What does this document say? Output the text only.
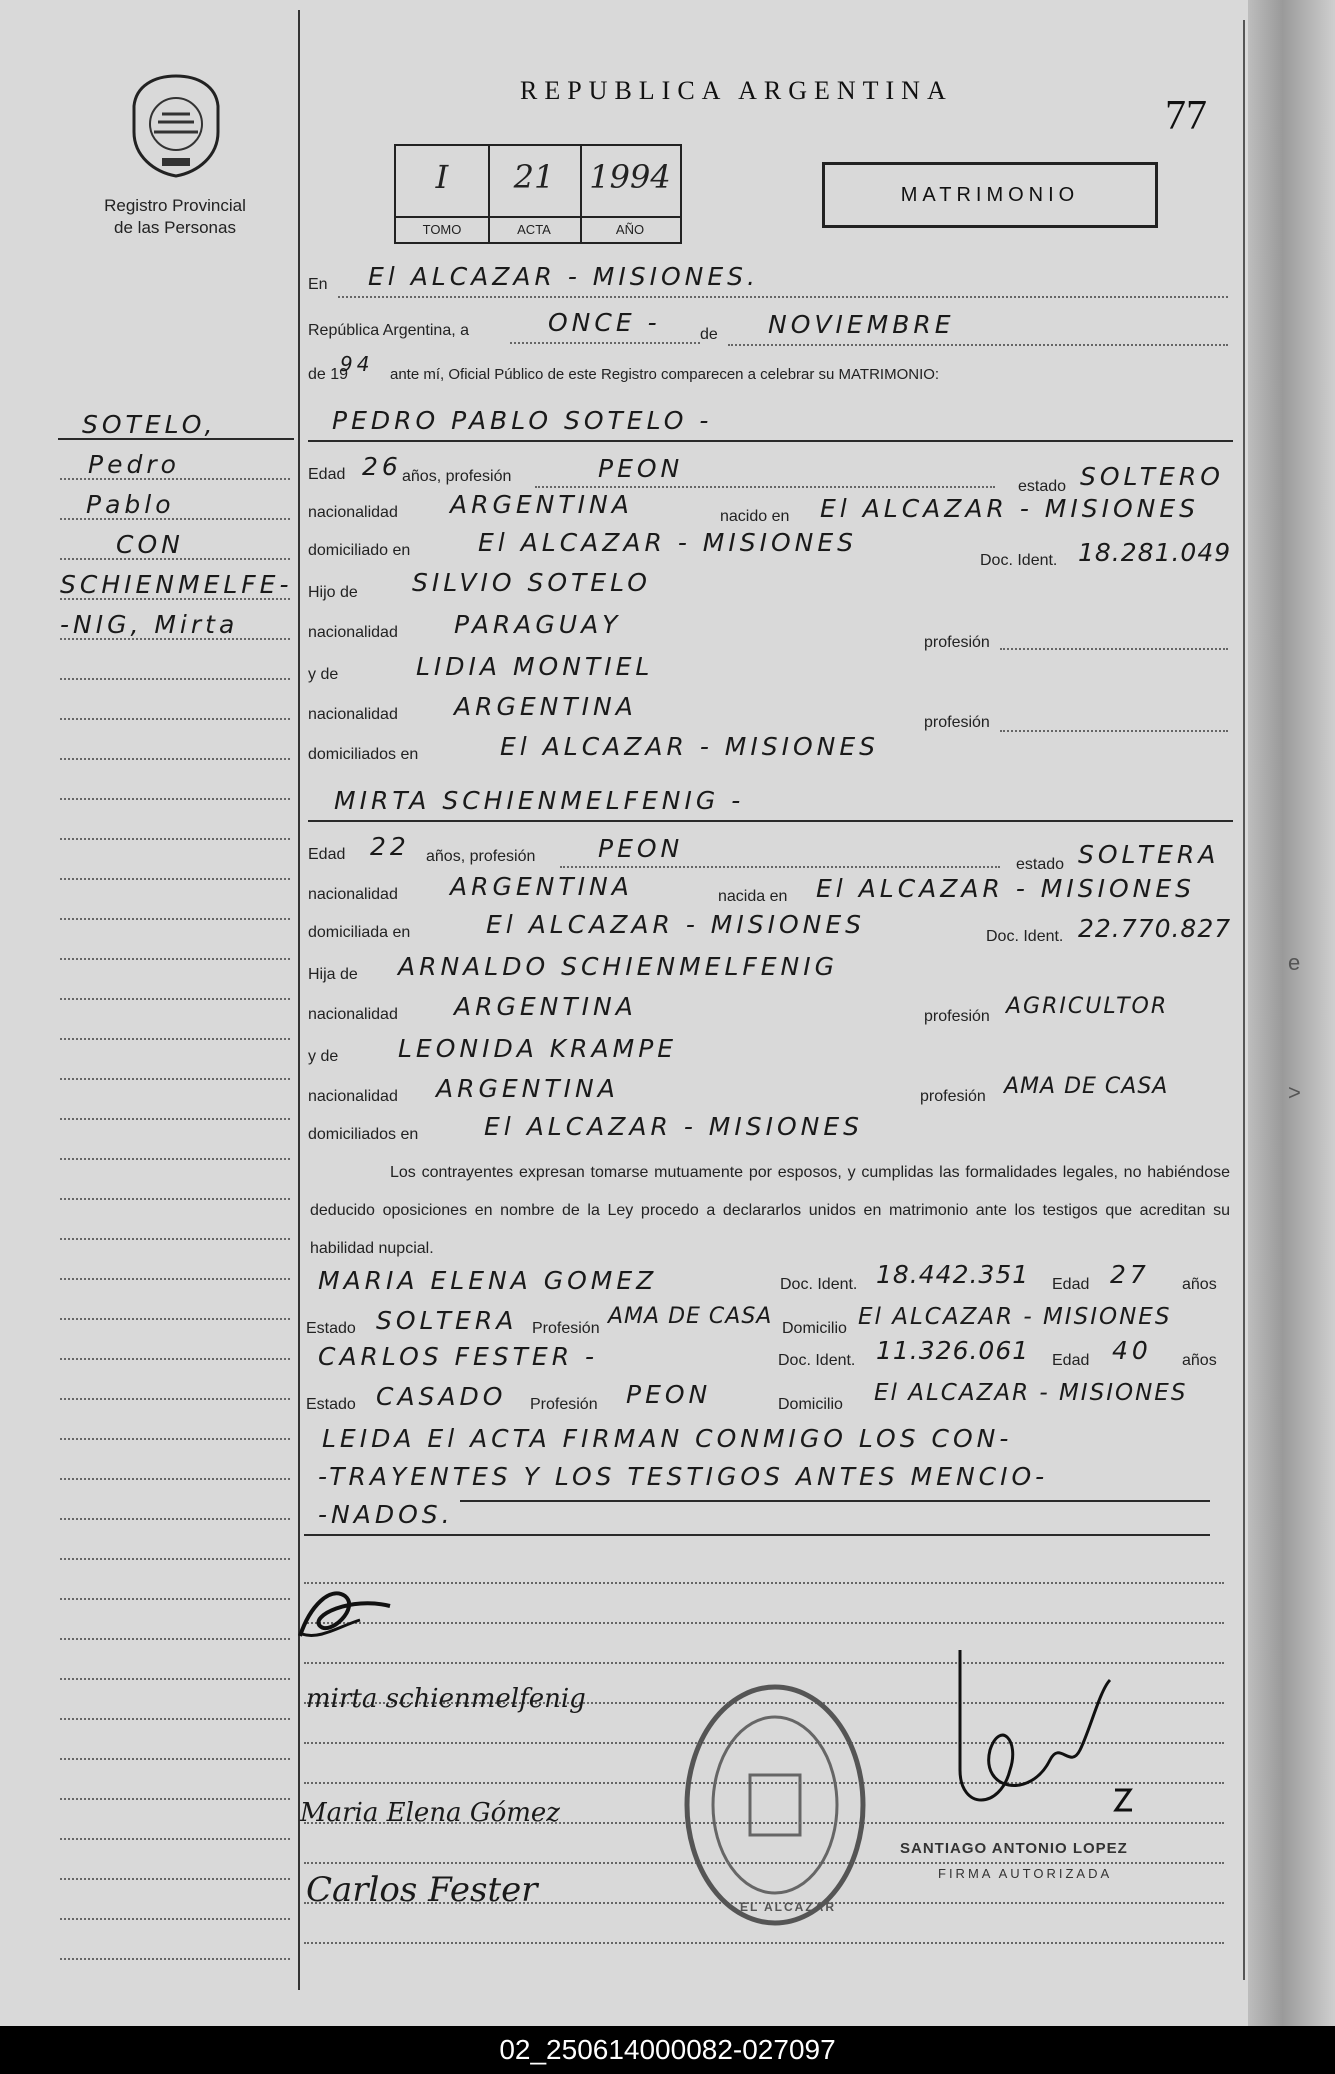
Registro Provincial
de las Personas
REPUBLICA ARGENTINA
77
I
TOMO
21
ACTA
1994
AÑO
MATRIMONIO
SOTELO,
Pedro
Pablo
CON
SCHIENMELFE-
-NIG, Mirta
En El ALCAZAR - MISIONES.
República Argentina, a	ONCE - de NOVIEMBRE
de 19
94 ante mí, Oficial Público de este Registro comparecen a celebrar su MATRIMONIO:
PEDRO PABLO SOTELO -
Edad 26 años, profesión	PEON
estado SOLTERO
nacionalidad ARGENTINA	nacido en El ALCAZAR - MISIONES
domiciliado en	El ALCAZAR - MISIONES
Doc. Ident. 18.281.049
Hijo de SILVIO SOTELO
nacionalidad PARAGUAY
profesión
y de	LIDIA MONTIEL
nacionalidad ARGENTINA
profesión
domiciliados en	El ALCAZAR - MISIONES
MIRTA SCHIENMELFENIG -
Edad 22 años, profesión	PEON
estado SOLTERA
nacionalidad ARGENTINA	nacida en El ALCAZAR - MISIONES
domiciliada en	El ALCAZAR - MISIONES	Doc. Ident. 22.770.827
Hija de ARNALDO SCHIENMELFENIG
nacionalidad ARGENTINA	profesión AGRICULTOR
y de LEONIDA KRAMPE
nacionalidad ARGENTINA	profesión AMA DE CASA
domiciliados en	El ALCAZAR - MISIONES
Los contrayentes expresan tomarse mutuamente por esposos, y cumplidas las formalidades legales, no habiéndose deducido oposiciones en nombre de la Ley procedo a declararlos unidos en matrimonio ante los testigos que acreditan su habilidad nupcial.
MARIA ELENA GOMEZ	Doc. Ident. 18.442.351 Edad 27 años
Estado SOLTERA Profesión AMA DE CASA Domicilio El ALCAZAR - MISIONES
CARLOS FESTER -	Doc. Ident. 11.326.061 Edad 40 años
Estado CASADO Profesión PEON	Domicilio El ALCAZAR - MISIONES
LEIDA El ACTA FIRMAN CONMIGO LOS CON-
-TRAYENTES Y LOS TESTIGOS ANTES MENCIO-
-NADOS.
mirta schienmelfenig
Maria Elena Gómez
Carlos Fester	EL ALCAZAR
SANTIAGO ANTONIO LOPEZ
FIRMA AUTORIZADA
e
>
02_250614000082-027097
